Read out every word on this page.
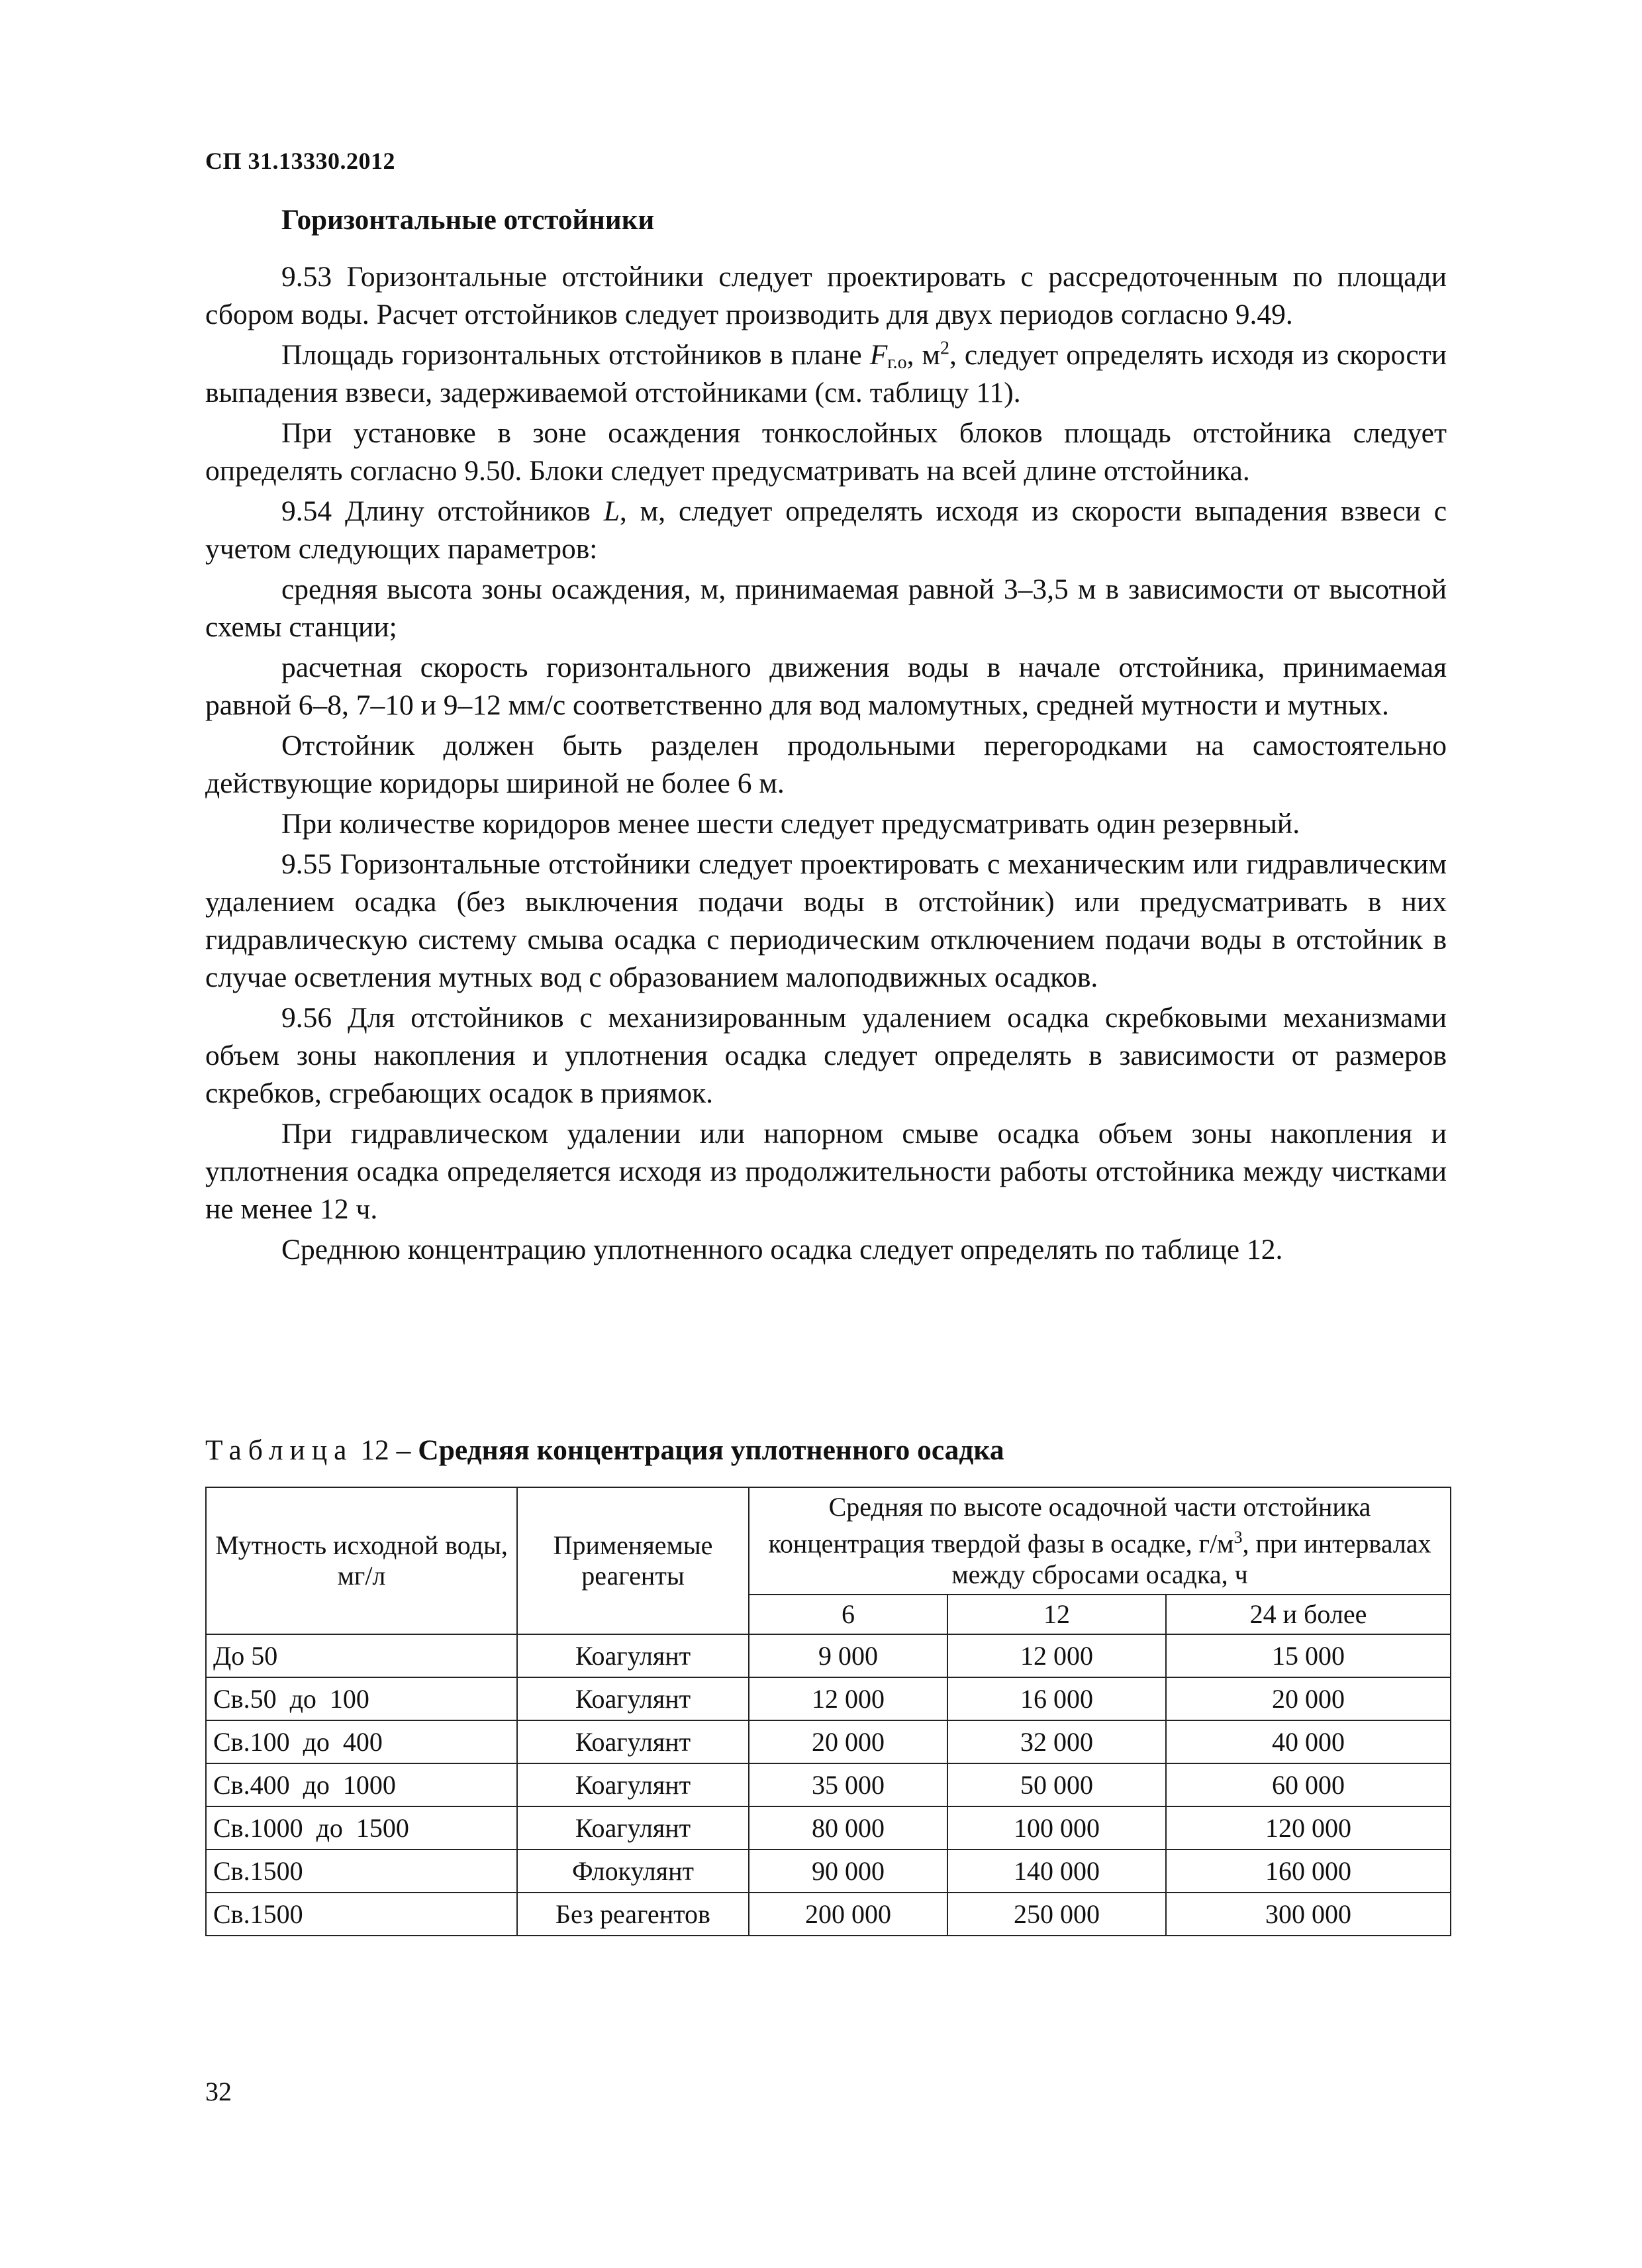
СП 31.13330.2012
Горизонтальные отстойники

9.53 Горизонтальные отстойники следует проектировать с рассредоточенным по площади сбором воды. Расчет отстойников следует производить для двух периодов согласно 9.49.

Площадь горизонтальных отстойников в плане $F_{г.о}$, $м^2$, следует определять исходя из скорости выпадения взвеси, задерживаемой отстойниками (см. таблицу 11).

При установке в зоне осаждения тонкослойных блоков площадь отстойника следует определять согласно 9.50. Блоки следует предусматривать на всей длине отстойника.

9.54 Длину отстойников L, м, следует определять исходя из скорости выпадения взвеси с учетом следующих параметров:

средняя высота зоны осаждения, м, принимаемая равной 3–3,5 м в зависимости от высотной схемы станции;

расчетная скорость горизонтального движения воды в начале отстойника, принимаемая равной 6–8, 7–10 и 9–12 мм/с соответственно для вод маломутных, средней мутности и мутных.

Отстойник должен быть разделен продольными перегородками на самостоятельно действующие коридоры шириной не более 6 м.

При количестве коридоров менее шести следует предусматривать один резервный.

9.55 Горизонтальные отстойники следует проектировать с механическим или гидравлическим удалением осадка (без выключения подачи воды в отстойник) или предусматривать в них гидравлическую систему смыва осадка с периодическим отключением подачи воды в отстойник в случае осветления мутных вод с образованием малоподвижных осадков.

9.56 Для отстойников с механизированным удалением осадка скребковыми механизмами объем зоны накопления и уплотнения осадка следует определять в зависимости от размеров скребков, сгребающих осадок в приямок.

При гидравлическом удалении или напорном смыве осадка объем зоны накопления и уплотнения осадка определяется исходя из продолжительности работы отстойника между чистками не менее 12 ч.

Среднюю концентрацию уплотненного осадка следует определять по таблице 12.

Таблица 12 – Средняя концентрация уплотненного осадка
Мутность исходной воды, мг/л	Применяемые реагенты	Средняя по высоте осадочной части отстойника концентрация твердой фазы в осадке, $г/м^3$, при интервалах между сбросами осадка, ч		
		6	12	24 и более
До 50	Коагулянт	9 000	12 000	15 000
Св.50  до  100	Коагулянт	12 000	16 000	20 000
Св.100  до  400	Коагулянт	20 000	32 000	40 000
Св.400  до  1000	Коагулянт	35 000	50 000	60 000
Св.1000  до  1500	Коагулянт	80 000	100 000	120 000
Св.1500	Флокулянт	90 000	140 000	160 000
Св.1500	Без реагентов	200 000	250 000	300 000
32
